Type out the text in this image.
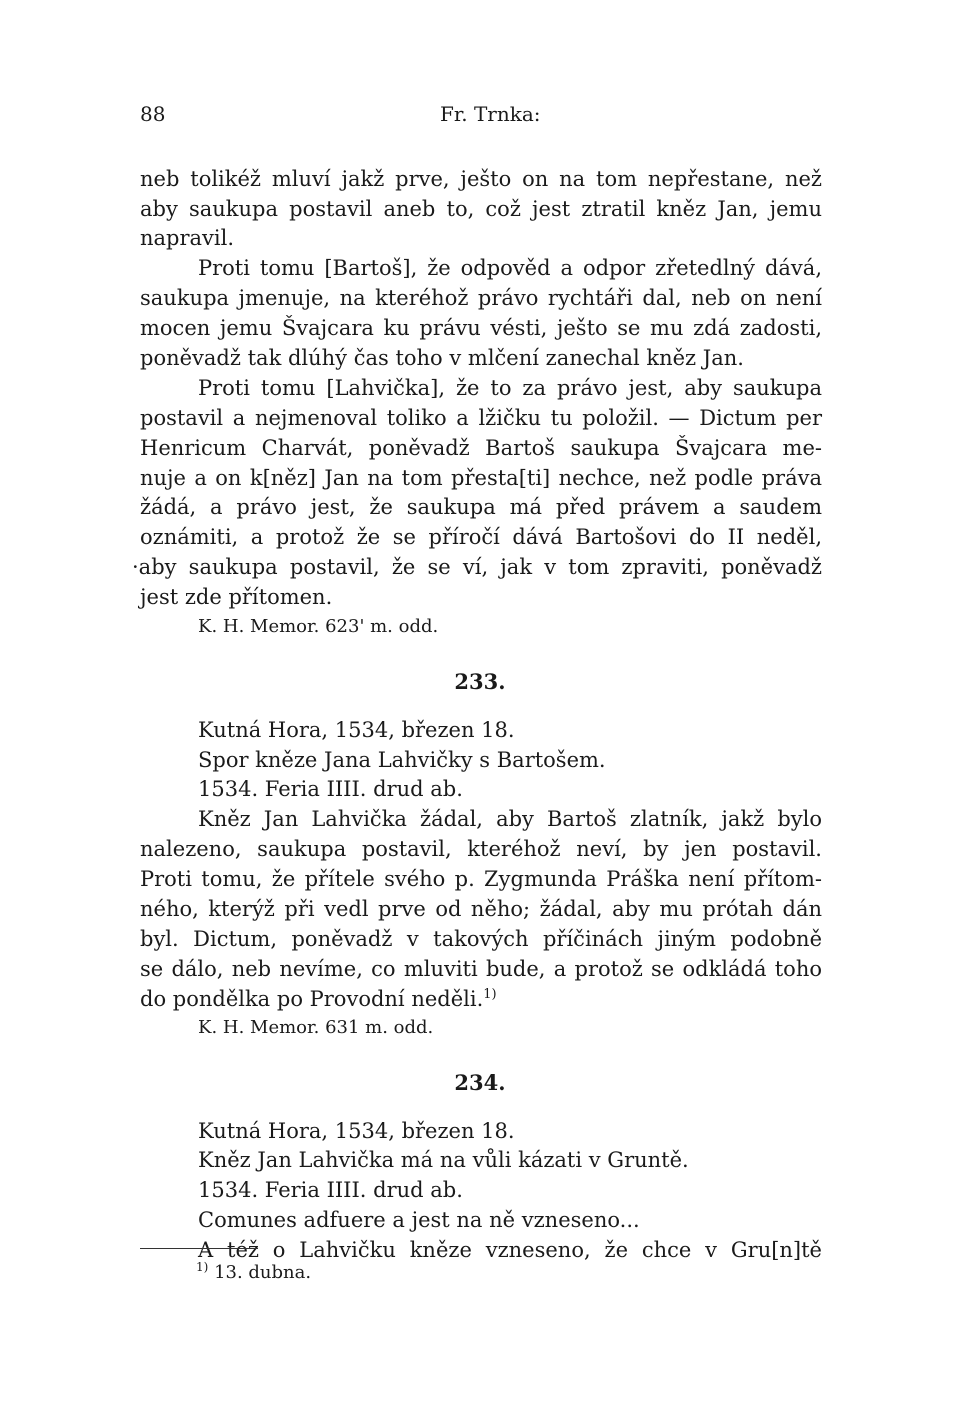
88	Fr. Trnka:
neb tolikéž mluví jakž prve, ješto on na tom nepřestane, než
aby saukupa postavil aneb to, což jest ztratil kněz Jan, jemu
napravil.
Proti tomu [Bartoš], že odpověd a odpor zřetedlný dává,
saukupa jmenuje, na kteréhož právo rychtáři dal, neb on není
mocen jemu Švajcara ku právu vésti, ješto se mu zdá zadosti,
poněvadž tak dlúhý čas toho v mlčení zanechal kněz Jan.
Proti tomu [Lahvička], že to za právo jest, aby saukupa
postavil a nejmenoval toliko a lžičku tu položil. — Dictum per
Henricum Charvát, poněvadž Bartoš saukupa Švajcara me-
nuje a on k[něz] Jan na tom přesta[ti] nechce, než podle práva
žádá, a právo jest, že saukupa má před právem a saudem
oznámiti, a protož že se příročí dává Bartošovi do II neděl,
·aby saukupa postavil, že se ví, jak v tom zpraviti, poněvadž
jest zde přítomen.
K. H. Memor. 623' m. odd.
233.
Kutná Hora, 1534, březen 18.
Spor kněze Jana Lahvičky s Bartošem.
1534. Feria IIII. drud ab.
Kněz Jan Lahvička žádal, aby Bartoš zlatník, jakž bylo
nalezeno, saukupa postavil, kteréhož neví, by jen postavil.
Proti tomu, že přítele svého p. Zygmunda Práška není přítom-
ného, kterýž při vedl prve od něho; žádal, aby mu prótah dán
byl. Dictum, poněvadž v takových příčinách jiným podobně
se dálo, neb nevíme, co mluviti bude, a protož se odkládá toho
do pondělka po Provodní neděli.$^{1)}$
K. H. Memor. 631 m. odd.
234.
Kutná Hora, 1534, březen 18.
Kněz Jan Lahvička má na vůli kázati v Gruntě.
1534. Feria IIII. drud ab.
Comunes adfuere a jest na ně vzneseno...
A též o Lahvičku kněze vzneseno, že chce v Gru[n]tě
$^{1)}$ 13. dubna.
